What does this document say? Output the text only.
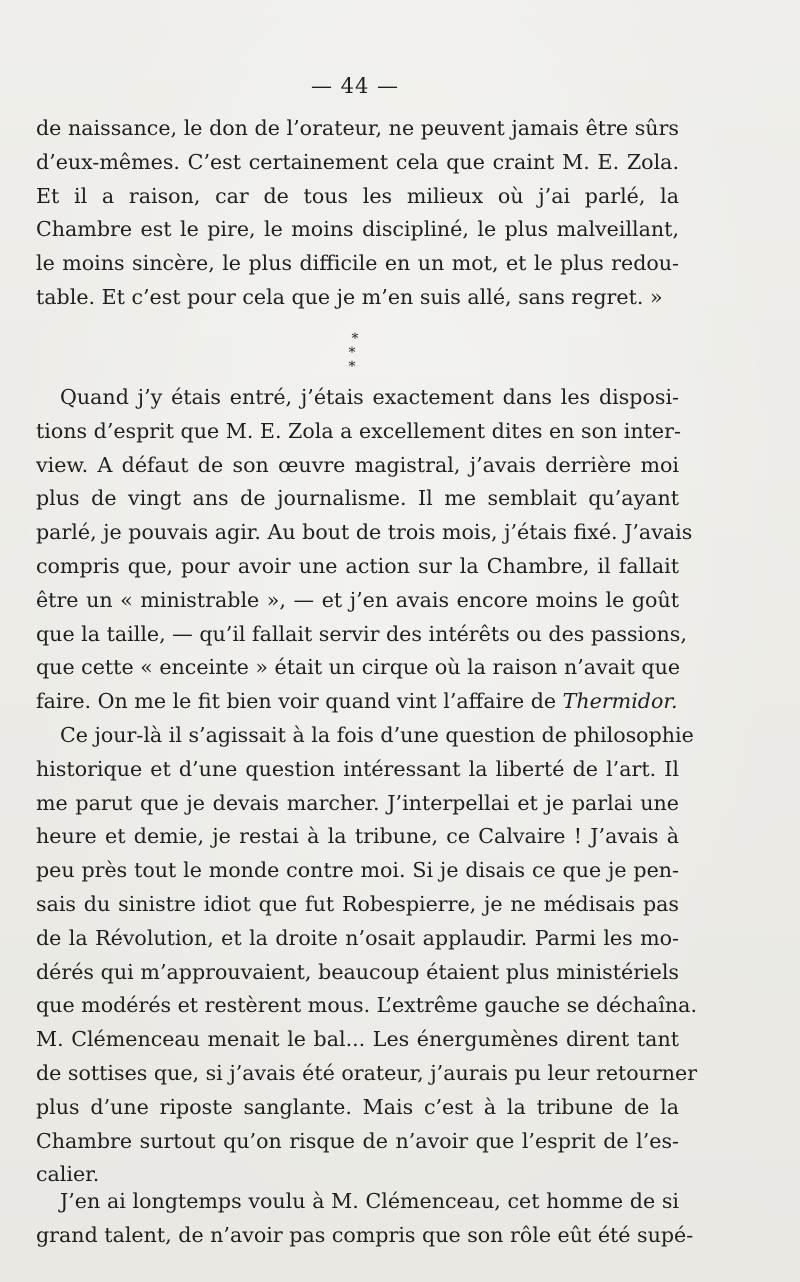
— 44 —
de naissance, le don de l’orateur, ne peuvent jamais être sûrs
d’eux-mêmes. C’est certainement cela que craint M. E. Zola.
Et il a raison, car de tous les milieux où j’ai parlé, la
Chambre est le pire, le moins discipliné, le plus malveillant,
le moins sincère, le plus difficile en un mot, et le plus redou-
table. Et c’est pour cela que je m’en suis allé, sans regret. »
*
* *
Quand j’y étais entré, j’étais exactement dans les disposi-
tions d’esprit que M. E. Zola a excellement dites en son inter-
view. A défaut de son œuvre magistral, j’avais derrière moi
plus de vingt ans de journalisme. Il me semblait qu’ayant
parlé, je pouvais agir. Au bout de trois mois, j’étais fixé. J’avais
compris que, pour avoir une action sur la Chambre, il fallait
être un « ministrable », — et j’en avais encore moins le goût
que la taille, — qu’il fallait servir des intérêts ou des passions,
que cette « enceinte » était un cirque où la raison n’avait que
faire. On me le fit bien voir quand vint l’affaire de Thermidor.
Ce jour-là il s’agissait à la fois d’une question de philosophie
historique et d’une question intéressant la liberté de l’art. Il
me parut que je devais marcher. J’interpellai et je parlai une
heure et demie, je restai à la tribune, ce Calvaire ! J’avais à
peu près tout le monde contre moi. Si je disais ce que je pen-
sais du sinistre idiot que fut Robespierre, je ne médisais pas
de la Révolution, et la droite n’osait applaudir. Parmi les mo-
dérés qui m’approuvaient, beaucoup étaient plus ministériels
que modérés et restèrent mous. L’extrême gauche se déchaîna.
M. Clémenceau menait le bal... Les énergumènes dirent tant
de sottises que, si j’avais été orateur, j’aurais pu leur retourner
plus d’une riposte sanglante. Mais c’est à la tribune de la
Chambre surtout qu’on risque de n’avoir que l’esprit de l’es-
calier.
J’en ai longtemps voulu à M. Clémenceau, cet homme de si
grand talent, de n’avoir pas compris que son rôle eût été supé-
